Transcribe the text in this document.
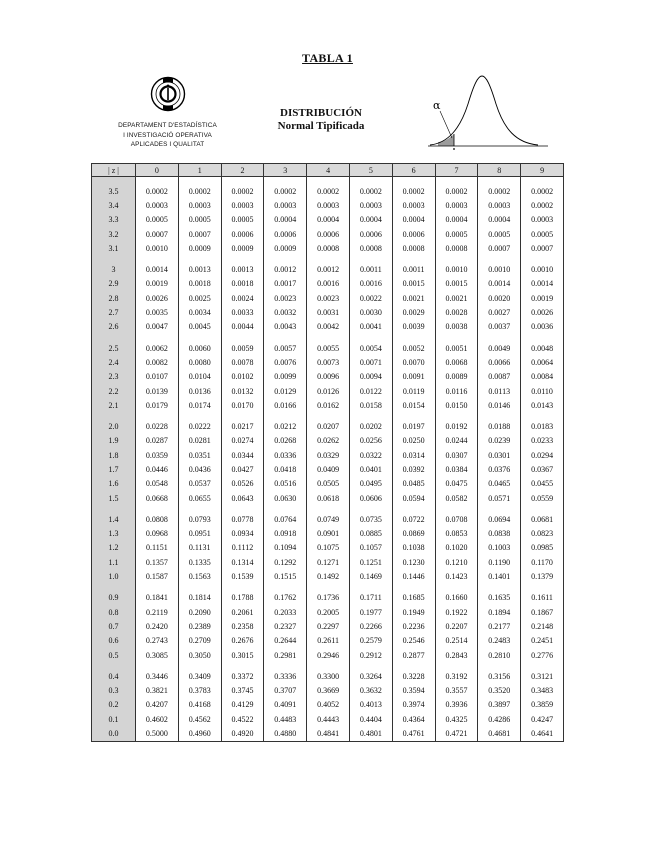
TABLA 1
DEPARTAMENT D'ESTADÍSTICA
I INVESTIGACIÓ OPERATIVA
APLICADES I QUALITAT
DISTRIBUCIÓN
Normal Tipificada
α
| z |	0	1	2	3	4	5	6	7	8	9

3.5	0.0002	0.0002	0.0002	0.0002	0.0002	0.0002	0.0002	0.0002	0.0002	0.0002
3.4	0.0003	0.0003	0.0003	0.0003	0.0003	0.0003	0.0003	0.0003	0.0003	0.0002
3.3	0.0005	0.0005	0.0005	0.0004	0.0004	0.0004	0.0004	0.0004	0.0004	0.0003
3.2	0.0007	0.0007	0.0006	0.0006	0.0006	0.0006	0.0006	0.0005	0.0005	0.0005
3.1	0.0010	0.0009	0.0009	0.0009	0.0008	0.0008	0.0008	0.0008	0.0007	0.0007

3	0.0014	0.0013	0.0013	0.0012	0.0012	0.0011	0.0011	0.0010	0.0010	0.0010
2.9	0.0019	0.0018	0.0018	0.0017	0.0016	0.0016	0.0015	0.0015	0.0014	0.0014
2.8	0.0026	0.0025	0.0024	0.0023	0.0023	0.0022	0.0021	0.0021	0.0020	0.0019
2.7	0.0035	0.0034	0.0033	0.0032	0.0031	0.0030	0.0029	0.0028	0.0027	0.0026
2.6	0.0047	0.0045	0.0044	0.0043	0.0042	0.0041	0.0039	0.0038	0.0037	0.0036

2.5	0.0062	0.0060	0.0059	0.0057	0.0055	0.0054	0.0052	0.0051	0.0049	0.0048
2.4	0.0082	0.0080	0.0078	0.0076	0.0073	0.0071	0.0070	0.0068	0.0066	0.0064
2.3	0.0107	0.0104	0.0102	0.0099	0.0096	0.0094	0.0091	0.0089	0.0087	0.0084
2.2	0.0139	0.0136	0.0132	0.0129	0.0126	0.0122	0.0119	0.0116	0.0113	0.0110
2.1	0.0179	0.0174	0.0170	0.0166	0.0162	0.0158	0.0154	0.0150	0.0146	0.0143

2.0	0.0228	0.0222	0.0217	0.0212	0.0207	0.0202	0.0197	0.0192	0.0188	0.0183
1.9	0.0287	0.0281	0.0274	0.0268	0.0262	0.0256	0.0250	0.0244	0.0239	0.0233
1.8	0.0359	0.0351	0.0344	0.0336	0.0329	0.0322	0.0314	0.0307	0.0301	0.0294
1.7	0.0446	0.0436	0.0427	0.0418	0.0409	0.0401	0.0392	0.0384	0.0376	0.0367
1.6	0.0548	0.0537	0.0526	0.0516	0.0505	0.0495	0.0485	0.0475	0.0465	0.0455
1.5	0.0668	0.0655	0.0643	0.0630	0.0618	0.0606	0.0594	0.0582	0.0571	0.0559

1.4	0.0808	0.0793	0.0778	0.0764	0.0749	0.0735	0.0722	0.0708	0.0694	0.0681
1.3	0.0968	0.0951	0.0934	0.0918	0.0901	0.0885	0.0869	0.0853	0.0838	0.0823
1.2	0.1151	0.1131	0.1112	0.1094	0.1075	0.1057	0.1038	0.1020	0.1003	0.0985
1.1	0.1357	0.1335	0.1314	0.1292	0.1271	0.1251	0.1230	0.1210	0.1190	0.1170
1.0	0.1587	0.1563	0.1539	0.1515	0.1492	0.1469	0.1446	0.1423	0.1401	0.1379

0.9	0.1841	0.1814	0.1788	0.1762	0.1736	0.1711	0.1685	0.1660	0.1635	0.1611
0.8	0.2119	0.2090	0.2061	0.2033	0.2005	0.1977	0.1949	0.1922	0.1894	0.1867
0.7	0.2420	0.2389	0.2358	0.2327	0.2297	0.2266	0.2236	0.2207	0.2177	0.2148
0.6	0.2743	0.2709	0.2676	0.2644	0.2611	0.2579	0.2546	0.2514	0.2483	0.2451
0.5	0.3085	0.3050	0.3015	0.2981	0.2946	0.2912	0.2877	0.2843	0.2810	0.2776

0.4	0.3446	0.3409	0.3372	0.3336	0.3300	0.3264	0.3228	0.3192	0.3156	0.3121
0.3	0.3821	0.3783	0.3745	0.3707	0.3669	0.3632	0.3594	0.3557	0.3520	0.3483
0.2	0.4207	0.4168	0.4129	0.4091	0.4052	0.4013	0.3974	0.3936	0.3897	0.3859
0.1	0.4602	0.4562	0.4522	0.4483	0.4443	0.4404	0.4364	0.4325	0.4286	0.4247
0.0	0.5000	0.4960	0.4920	0.4880	0.4841	0.4801	0.4761	0.4721	0.4681	0.4641
